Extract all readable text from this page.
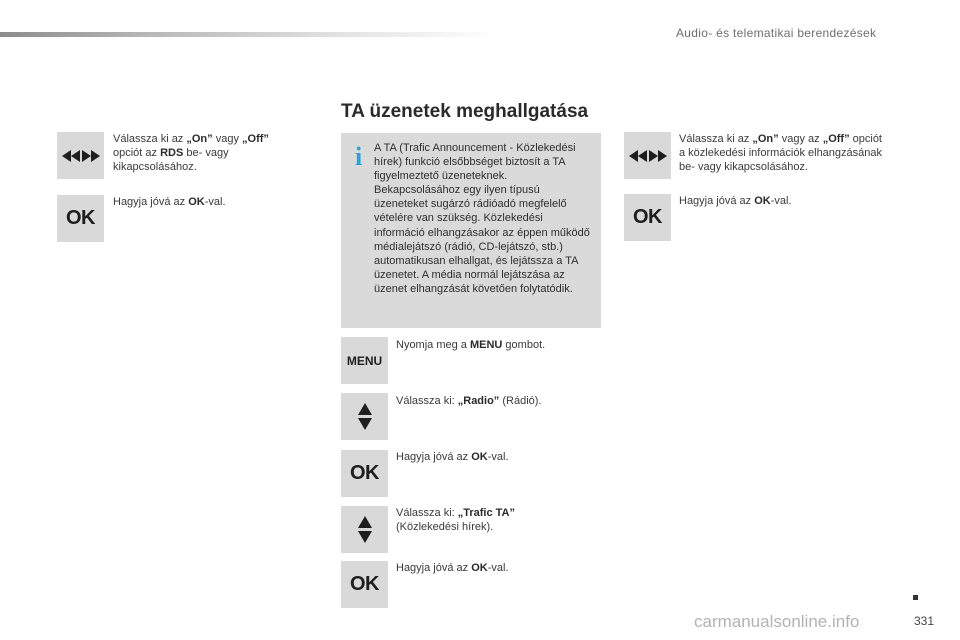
Audio- és telematikai berendezések
TA üzenetek meghallgatása
Válassza ki az „On” vagy „Off” opciót az RDS be- vagy kikapcsolásához.
OK
Hagyja jóvá az OK-val.
i A TA (Trafic Announcement - Közlekedési hírek) funkció elsőbbséget biztosít a TA figyelmeztető üzeneteknek. Bekapcsolásához egy ilyen típusú üzeneteket sugárzó rádióadó megfelelő vételére van szükség. Közlekedési információ elhangzásakor az éppen működő médialejátszó (rádió, CD-lejátszó, stb.) automatikusan elhallgat, és lejátssza a TA üzenetet. A média normál lejátszása az üzenet elhangzását követően folytatódik.
MENU
Nyomja meg a MENU gombot.
Válassza ki: „Radio” (Rádió).
OK
Hagyja jóvá az OK-val.
Válassza ki: „Trafic TA” (Közlekedési hírek).
OK
Hagyja jóvá az OK-val.
Válassza ki az „On” vagy az „Off” opciót a közlekedési információk elhangzásának be- vagy kikapcsolásához.
OK
Hagyja jóvá az OK-val.
carmanualsonline.info	331
